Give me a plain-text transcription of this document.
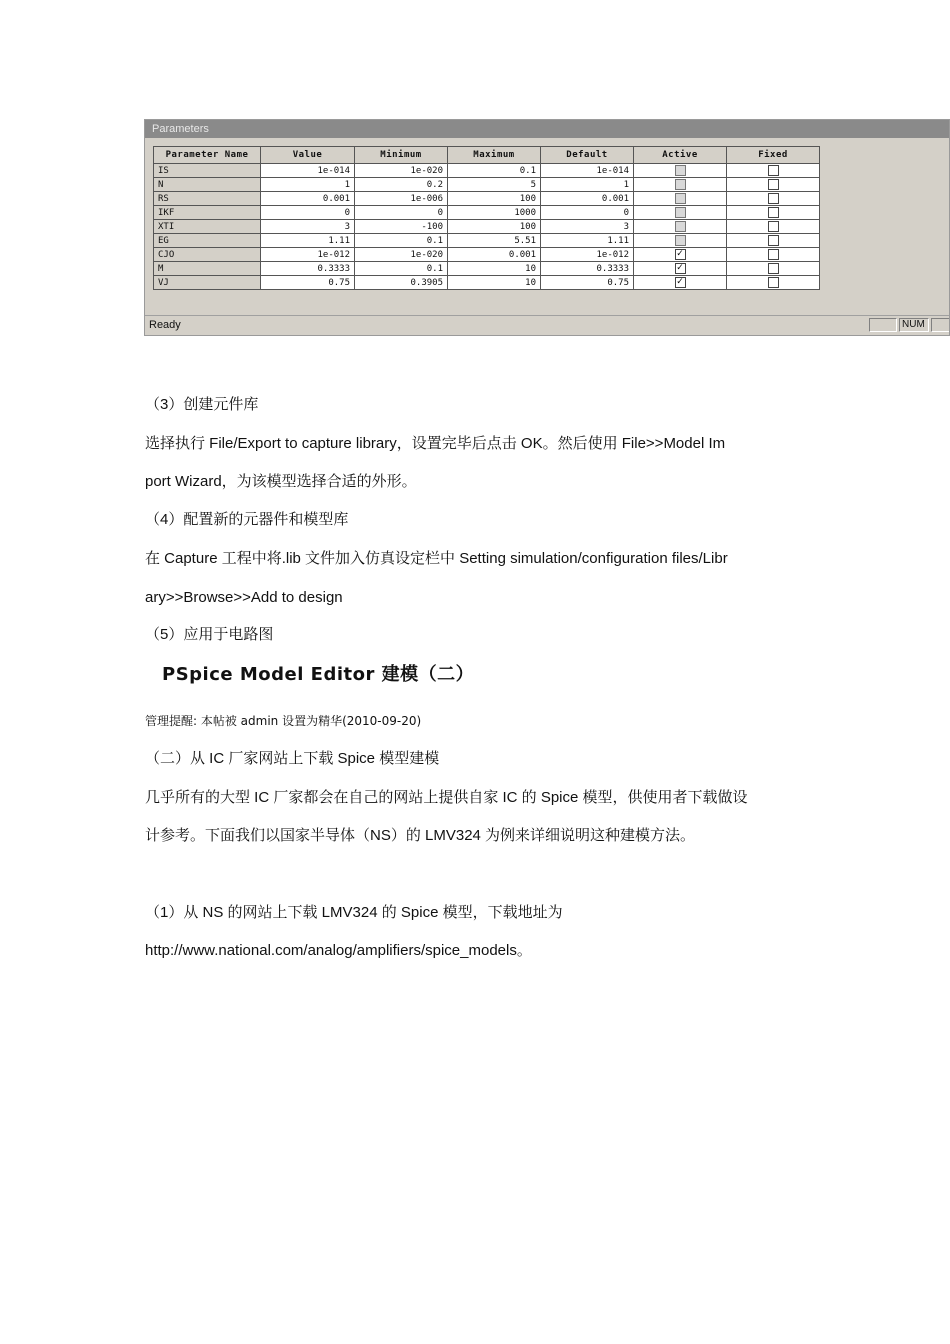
Parameters
Parameter Name	Value	Minimum	Maximum	Default	Active	Fixed
IS	1e-014	1e-020	0.1	1e-014		
N	1	0.2	5	1		
RS	0.001	1e-006	100	0.001		
IKF	0	0	1000	0		
XTI	3	-100	100	3		
EG	1.11	0.1	5.51	1.11		
CJO	1e-012	1e-020	0.001	1e-012	✓	
M	0.3333	0.1	10	0.3333	✓	
VJ	0.75	0.3905	10	0.75	✓	
Ready	NUM
（3）创建元件库
选择执行 File/Export to capture library，设置完毕后点击 OK。然后使用 File>>Model Im
port Wizard，为该模型选择合适的外形。
（4）配置新的元器件和模型库
在 Capture 工程中将.lib 文件加入仿真设定栏中 Setting simulation/configuration files/Libr
ary>>Browse>>Add to design
（5）应用于电路图
PSpice Model Editor 建模（二）
管理提醒: 本帖被 admin 设置为精华(2010-09-20)
（二）从 IC 厂家网站上下载 Spice 模型建模
几乎所有的大型 IC 厂家都会在自己的网站上提供自家 IC 的 Spice 模型，供使用者下载做设
计参考。下面我们以国家半导体（NS）的 LMV324 为例来详细说明这种建模方法。
（1）从 NS 的网站上下载 LMV324 的 Spice 模型，下载地址为
http://www.national.com/analog/amplifiers/spice_models。
